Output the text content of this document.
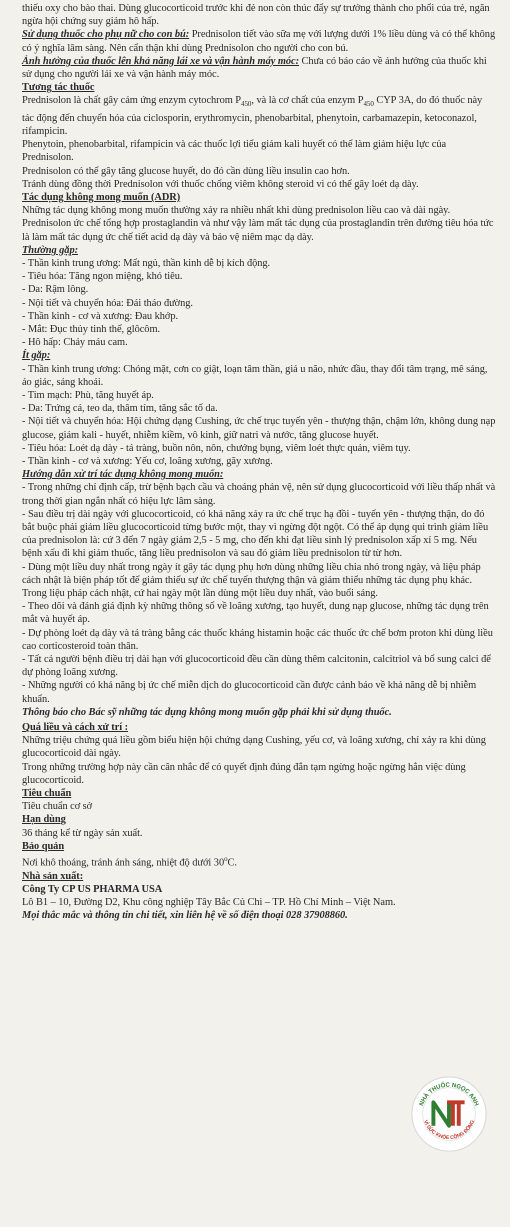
thiếu oxy cho bào thai. Dùng glucocorticoid trước khi đẻ non còn thúc đẩy sự trưởng thành cho phổi của trẻ, ngăn ngừa hội chứng suy giảm hô hấp.

Sử dụng thuốc cho phụ nữ cho con bú: Prednisolon tiết vào sữa mẹ với lượng dưới 1% liều dùng và có thể không có ý nghĩa lâm sàng. Nên cẩn thận khi dùng Prednisolon cho người cho con bú.

Ảnh hưởng của thuốc lên khả năng lái xe và vận hành máy móc: Chưa có báo cáo về ảnh hưởng của thuốc khi sử dụng cho người lái xe và vận hành máy móc.

Tương tác thuốc

Prednisolon là chất gây cảm ứng enzym cytochrom $P_{450}$, và là cơ chất của enzym $P_{450}$ CYP 3A, do đó thuốc này tác động đến chuyển hóa của ciclosporin, erythromycin, phenobarbital, phenytoin, carbamazepin, ketoconazol, rifampicin.

Phenytoin, phenobarbital, rifampicin và các thuốc lợi tiểu giảm kali huyết có thể làm giảm hiệu lực của Prednisolon.

Prednisolon có thể gây tăng glucose huyết, do đó cần dùng liều insulin cao hơn.

Tránh dùng đồng thời Prednisolon với thuốc chống viêm không steroid vì có thể gây loét dạ dày.

Tác dụng không mong muốn (ADR)

Những tác dụng không mong muốn thường xảy ra nhiều nhất khi dùng prednisolon liều cao và dài ngày.

Prednisolon ức chế tổng hợp prostaglandin và như vậy làm mất tác dụng của prostaglandin trên đường tiêu hóa tức là làm mất tác dụng ức chế tiết acid dạ dày và bảo vệ niêm mạc dạ dày.

Thường gặp:

- Thần kinh trung ương: Mất ngủ, thần kinh dễ bị kích động.
- Tiêu hóa: Tăng ngon miệng, khó tiêu.
- Da: Rậm lông.
- Nội tiết và chuyển hóa: Đái tháo đường.
- Thần kinh - cơ và xương: Đau khớp.
- Mắt: Đục thủy tinh thể, glôcôm.
- Hô hấp: Chảy máu cam.

Ít gặp:

- Thần kinh trung ương: Chóng mặt, cơn co giật, loạn tâm thần, giả u não, nhức đầu, thay đổi tâm trạng, mê sảng, ảo giác, sảng khoái.
- Tim mạch: Phù, tăng huyết áp.
- Da: Trứng cá, teo da, thâm tím, tăng sắc tố da.
- Nội tiết và chuyển hóa: Hội chứng dạng Cushing, ức chế trục tuyến yên - thượng thận, chậm lớn, không dung nạp glucose, giảm kali - huyết, nhiễm kiềm, vô kinh, giữ natri và nước, tăng glucose huyết.
- Tiêu hóa: Loét dạ dày - tá tràng, buồn nôn, nôn, chướng bụng, viêm loét thực quản, viêm tụy.
- Thần kinh - cơ và xương: Yếu cơ, loãng xương, gãy xương.

Hướng dẫn xử trí tác dụng không mong muốn:

- Trong những chỉ định cấp, trừ bệnh bạch cầu và choáng phản vệ, nên sử dụng glucocorticoid với liều thấp nhất và trong thời gian ngắn nhất có hiệu lực lâm sàng.
- Sau điều trị dài ngày với glucocorticoid, có khả năng xảy ra ức chế trục hạ đồi - tuyến yên - thượng thận, do đó bắt buộc phải giảm liều glucocorticoid từng bước một, thay vì ngừng đột ngột. Có thể áp dụng qui trình giảm liều của prednisolon là: cứ 3 đến 7 ngày giảm 2,5 - 5 mg, cho đến khi đạt liều sinh lý prednisolon xấp xỉ 5 mg. Nếu bệnh xấu đi khi giảm thuốc, tăng liều prednisolon và sau đó giảm liều prednisolon từ từ hơn.
- Dùng một liều duy nhất trong ngày ít gây tác dụng phụ hơn dùng những liều chia nhỏ trong ngày, và liệu pháp cách nhật là biện pháp tốt để giảm thiểu sự ức chế tuyến thượng thận và giảm thiểu những tác dụng phụ khác. Trong liệu pháp cách nhật, cứ hai ngày một lần dùng một liều duy nhất, vào buổi sáng.
- Theo dõi và đánh giá định kỳ những thông số về loãng xương, tạo huyết, dung nạp glucose, những tác dụng trên mắt và huyết áp.
- Dự phòng loét dạ dày và tá tràng bằng các thuốc kháng histamin hoặc các thuốc ức chế bơm proton khi dùng liều cao corticosteroid toàn thân.
- Tất cả người bệnh điều trị dài hạn với glucocorticoid đều cần dùng thêm calcitonin, calcitriol và bổ sung calci để dự phòng loãng xương.
- Những người có khả năng bị ức chế miễn dịch do glucocorticoid cần được cảnh báo về khả năng dễ bị nhiễm khuẩn.

Thông báo cho Bác sỹ những tác dụng không mong muốn gặp phải khi sử dụng thuốc.

Quá liều và cách xử trí :

Những triệu chứng quá liều gồm biểu hiện hội chứng dạng Cushing, yếu cơ, và loãng xương, chỉ xảy ra khi dùng glucocorticoid dài ngày.

Trong những trường hợp này cần cân nhắc để có quyết định đúng đắn tạm ngừng hoặc ngừng hẳn việc dùng glucocorticoid.

Tiêu chuẩn

Tiêu chuẩn cơ sở

Hạn dùng

36 tháng kể từ ngày sản xuất.

Bảo quản

Nơi khô thoáng, tránh ánh sáng, nhiệt độ dưới 30$^o$C.

Nhà sản xuất:

Công Ty CP US PHARMA USA

Lô B1 – 10, Đường D2, Khu công nghiệp Tây Bắc Củ Chi – TP. Hồ Chí Minh – Việt Nam.

Mọi thắc mắc và thông tin chi tiết, xin liên hệ về số điện thoại 028 37908860.

NHÀ THUỐC NGỌC ANH
VÌ SỨC KHỎE CỘNG ĐỒNG
